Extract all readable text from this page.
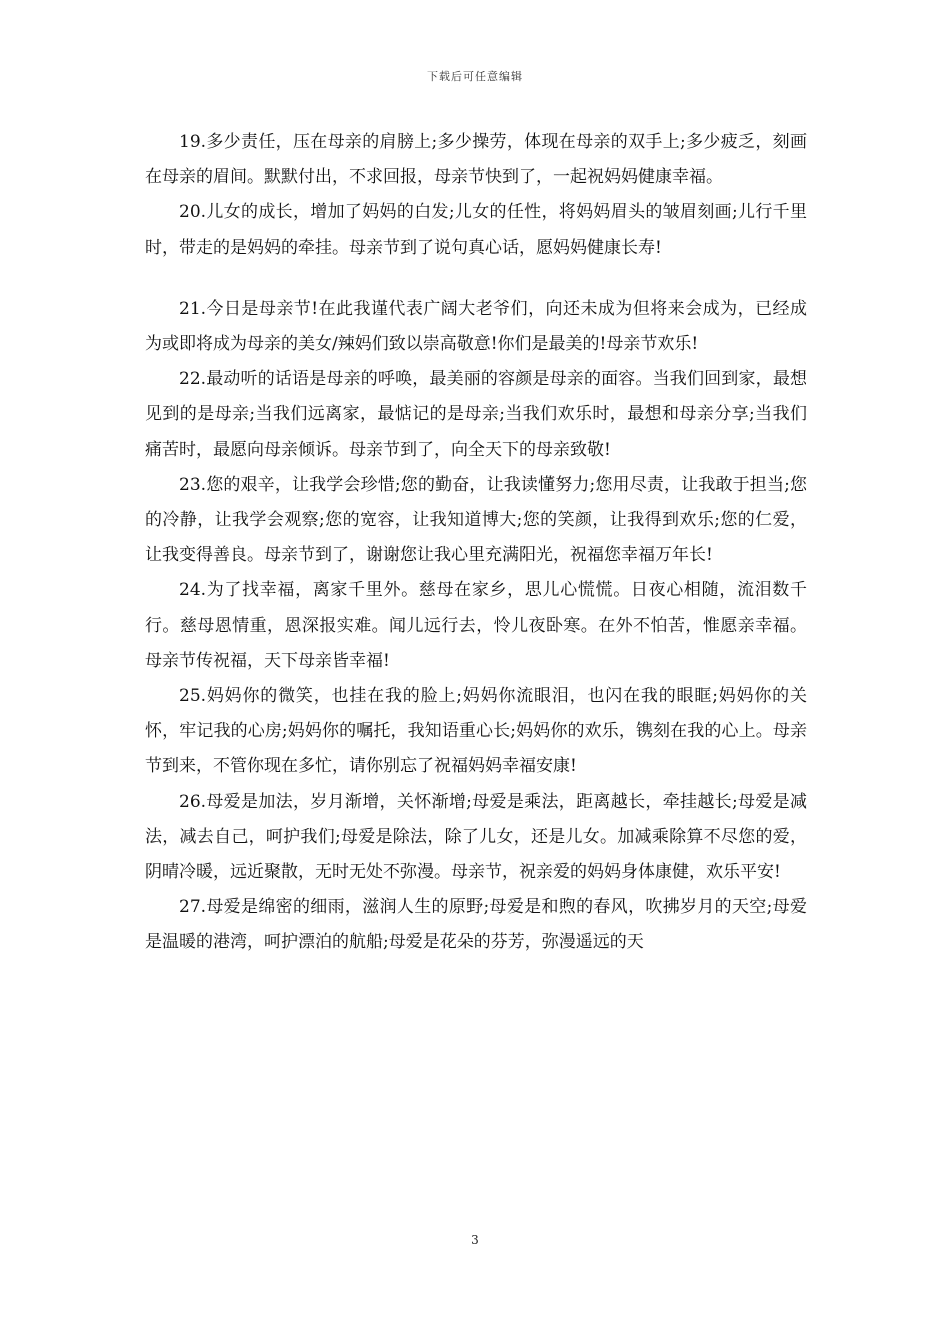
下载后可任意编辑

19.多少责任，压在母亲的肩膀上;多少操劳，体现在母亲的双手上;多少疲乏，刻画在母亲的眉间。默默付出，不求回报，母亲节快到了，一起祝妈妈健康幸福。

20.儿女的成长，增加了妈妈的白发;儿女的任性，将妈妈眉头的皱眉刻画;儿行千里时，带走的是妈妈的牵挂。母亲节到了说句真心话，愿妈妈健康长寿!

21.今日是母亲节!在此我谨代表广阔大老爷们，向还未成为但将来会成为，已经成为或即将成为母亲的美女/辣妈们致以崇高敬意!你们是最美的!母亲节欢乐!

22.最动听的话语是母亲的呼唤，最美丽的容颜是母亲的面容。当我们回到家，最想见到的是母亲;当我们远离家，最惦记的是母亲;当我们欢乐时，最想和母亲分享;当我们痛苦时，最愿向母亲倾诉。母亲节到了，向全天下的母亲致敬!

23.您的艰辛，让我学会珍惜;您的勤奋，让我读懂努力;您用尽责，让我敢于担当;您的冷静，让我学会观察;您的宽容，让我知道博大;您的笑颜，让我得到欢乐;您的仁爱，让我变得善良。母亲节到了，谢谢您让我心里充满阳光，祝福您幸福万年长!

24.为了找幸福，离家千里外。慈母在家乡，思儿心慌慌。日夜心相随，流泪数千行。慈母恩情重，恩深报实难。闻儿远行去，怜儿夜卧寒。在外不怕苦，惟愿亲幸福。母亲节传祝福，天下母亲皆幸福!

25.妈妈你的微笑，也挂在我的脸上;妈妈你流眼泪，也闪在我的眼眶;妈妈你的关怀，牢记我的心房;妈妈你的嘱托，我知语重心长;妈妈你的欢乐，镌刻在我的心上。母亲节到来，不管你现在多忙，请你别忘了祝福妈妈幸福安康!

26.母爱是加法，岁月渐增，关怀渐增;母爱是乘法，距离越长，牵挂越长;母爱是减法，减去自己，呵护我们;母爱是除法，除了儿女，还是儿女。加减乘除算不尽您的爱，阴晴冷暖，远近聚散，无时无处不弥漫。母亲节，祝亲爱的妈妈身体康健，欢乐平安!

27.母爱是绵密的细雨，滋润人生的原野;母爱是和煦的春风，吹拂岁月的天空;母爱是温暖的港湾，呵护漂泊的航船;母爱是花朵的芬芳，弥漫遥远的天

3
